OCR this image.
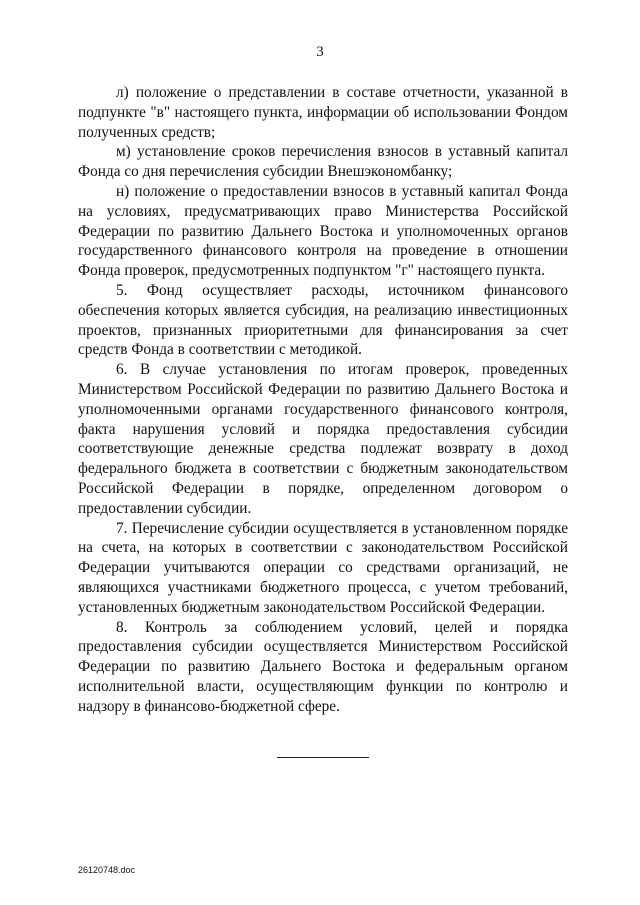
3

л) положение о представлении в составе отчетности, указанной в подпункте "в" настоящего пункта, информации об использовании Фондом полученных средств;

м) установление сроков перечисления взносов в уставный капитал Фонда со дня перечисления субсидии Внешэкономбанку;

н) положение о предоставлении взносов в уставный капитал Фонда на условиях, предусматривающих право Министерства Российской Федерации по развитию Дальнего Востока и уполномоченных органов государственного финансового контроля на проведение в отношении Фонда проверок, предусмотренных подпунктом "г" настоящего пункта.

5. Фонд осуществляет расходы, источником финансового обеспечения которых является субсидия, на реализацию инвестиционных проектов, признанных приоритетными для финансирования за счет средств Фонда в соответствии с методикой.

6. В случае установления по итогам проверок, проведенных Министерством Российской Федерации по развитию Дальнего Востока и уполномоченными органами государственного финансового контроля, факта нарушения условий и порядка предоставления субсидии соответствующие денежные средства подлежат возврату в доход федерального бюджета в соответствии с бюджетным законодательством Российской Федерации в порядке, определенном договором о предоставлении субсидии.

7. Перечисление субсидии осуществляется в установленном порядке на счета, на которых в соответствии с законодательством Российской Федерации учитываются операции со средствами организаций, не являющихся участниками бюджетного процесса, с учетом требований, установленных бюджетным законодательством Российской Федерации.

8. Контроль за соблюдением условий, целей и порядка предоставления субсидии осуществляется Министерством Российской Федерации по развитию Дальнего Востока и федеральным органом исполнительной власти, осуществляющим функции по контролю и надзору в финансово-бюджетной сфере.

26120748.doc
